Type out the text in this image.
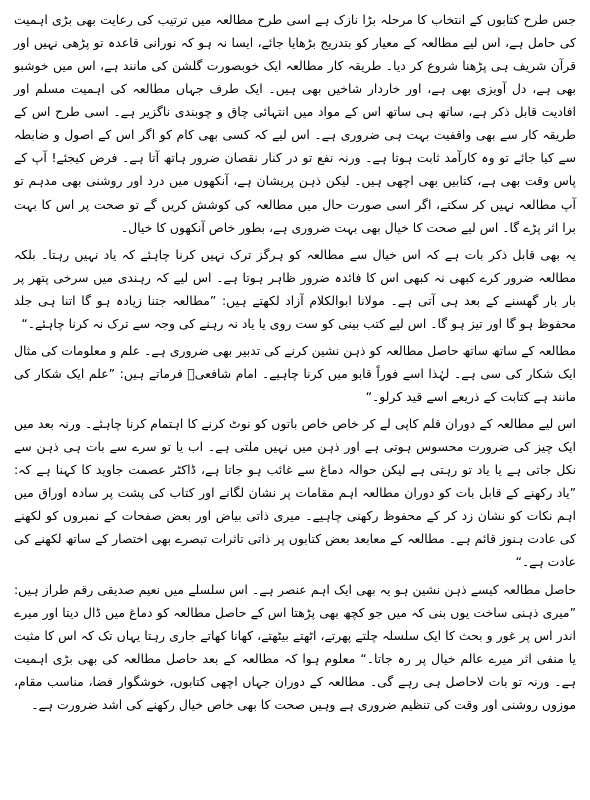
جس طرح کتابوں کے انتخاب کا مرحلہ بڑا نازک ہے اسی طرح مطالعہ میں ترتیب کی رعایت بھی بڑی اہمیت کی حامل ہے، اس لیے مطالعہ کے معیار کو بتدریج بڑھایا جائے، ایسا نہ ہو کہ نورانی قاعدہ تو پڑھی نہیں اور قرآن شریف ہی پڑھنا شروع کر دیا۔ طریقہ کار مطالعہ ایک خوبصورت گلشن کی مانند ہے، اس میں خوشبو بھی ہے، دل آویزی بھی ہے، اور خاردار شاخیں بھی ہیں۔ ایک طرف جہاں مطالعہ کی اہمیت مسلم اور افادیت قابل ذکر ہے، ساتھ ہی ساتھ اس کے مواد میں انتہائی چاق و چوبندی ناگزیر ہے۔ اسی طرح اس کے طریقہ کار سے بھی واقفیت بہت ہی ضروری ہے۔ اس لیے کہ کسی بھی کام کو اگر اس کے اصول و ضابطہ سے کیا جائے تو وہ کارآمد ثابت ہوتا ہے۔ ورنہ نفع تو در کنار نقصان ضرور ہاتھ آتا ہے۔ فرض کیجئے! آپ کے پاس وقت بھی ہے، کتابیں بھی اچھی ہیں۔ لیکن ذہن پریشان ہے، آنکھوں میں درد اور روشنی بھی مدہم تو آپ مطالعہ نہیں کر سکتے، اگر اسی صورت حال میں مطالعہ کی کوشش کریں گے تو صحت پر اس کا بہت برا اثر پڑے گا۔ اس لیے صحت کا خیال بھی بہت ضروری ہے، بطور خاص آنکھوں کا خیال۔

یہ بھی قابل ذکر بات ہے کہ اس خیال سے مطالعہ کو ہرگز ترک نہیں کرنا چاہئے کہ یاد نہیں رہتا۔ بلکہ مطالعہ ضرور کرے کبھی نہ کبھی اس کا فائدہ ضرور ظاہر ہوتا ہے۔ اس لیے کہ رہندی میں سرخی پتھر پر بار بار گھسنے کے بعد ہی آتی ہے۔ مولانا ابوالکلام آزاد لکھتے ہیں: ”مطالعہ جتنا زیادہ ہو گا اتنا ہی جلد محفوظ ہو گا اور تیز ہو گا۔ اس لیے کتب بینی کو ست روی یا یاد نہ رہنے کی وجہ سے ترک نہ کرنا چاہئے۔“

مطالعہ کے ساتھ ساتھ حاصل مطالعہ کو ذہن نشین کرنے کی تدبیر بھی ضروری ہے۔ علم و معلومات کی مثال ایک شکار کی سی ہے۔ لہٰذا اسے فوراً قابو میں کرنا چاہیے۔ امام شافعیؒ فرماتے ہیں: ”علم ایک شکار کی مانند ہے کتابت کے ذریعے اسے قید کرلو۔“

اس لیے مطالعہ کے دوران قلم کاپی لے کر خاص خاص باتوں کو نوٹ کرنے کا اہتمام کرنا چاہئے۔ ورنہ بعد میں ایک چیز کی ضرورت محسوس ہوتی ہے اور ذہن میں نہیں ملتی ہے۔ اب یا تو سرے سے بات ہی ذہن سے نکل جاتی ہے یا یاد تو رہتی ہے لیکن حوالہ دماغ سے غائب ہو جاتا ہے، ڈاکٹر عصمت جاوید کا کہنا ہے کہ: ”یاد رکھنے کے قابل بات کو دوران مطالعہ اہم مقامات پر نشان لگانے اور کتاب کی پشت پر سادہ اوراق میں اہم نکات کو نشان زد کر کے محفوظ رکھنی چاہیے۔ میری ذاتی بیاض اور بعض صفحات کے نمبروں کو لکھنے کی عادت ہنوز قائم ہے۔ مطالعہ کے معابعد بعض کتابوں پر ذاتی تاثرات تبصرے بھی اختصار کے ساتھ لکھنے کی عادت ہے۔“

حاصل مطالعہ کیسے ذہن نشین ہو یہ بھی ایک اہم عنصر ہے۔ اس سلسلے میں نعیم صدیقی رقم طراز ہیں: ”میری ذہنی ساخت یوں بنی کہ میں جو کچھ بھی پڑھتا اس کے حاصل مطالعہ کو دماغ میں ڈال دیتا اور میرے اندر اس پر غور و بحث کا ایک سلسلہ چلتے پھرتے، اٹھتے بیٹھتے، کھانا کھاتے جاری رہتا یہاں تک کہ اس کا مثبت یا منفی اثر میرے عالم خیال پر رہ جاتا۔“ معلوم ہوا کہ مطالعہ کے بعد حاصل مطالعہ کی بھی بڑی اہمیت ہے۔ ورنہ تو بات لاحاصل ہی رہے گی۔ مطالعہ کے دوران جہاں اچھی کتابوں، خوشگوار فضا، مناسب مقام، موزوں روشنی اور وقت کی تنظیم ضروری ہے وہیں صحت کا بھی خاص خیال رکھنے کی اشد ضرورت ہے۔
